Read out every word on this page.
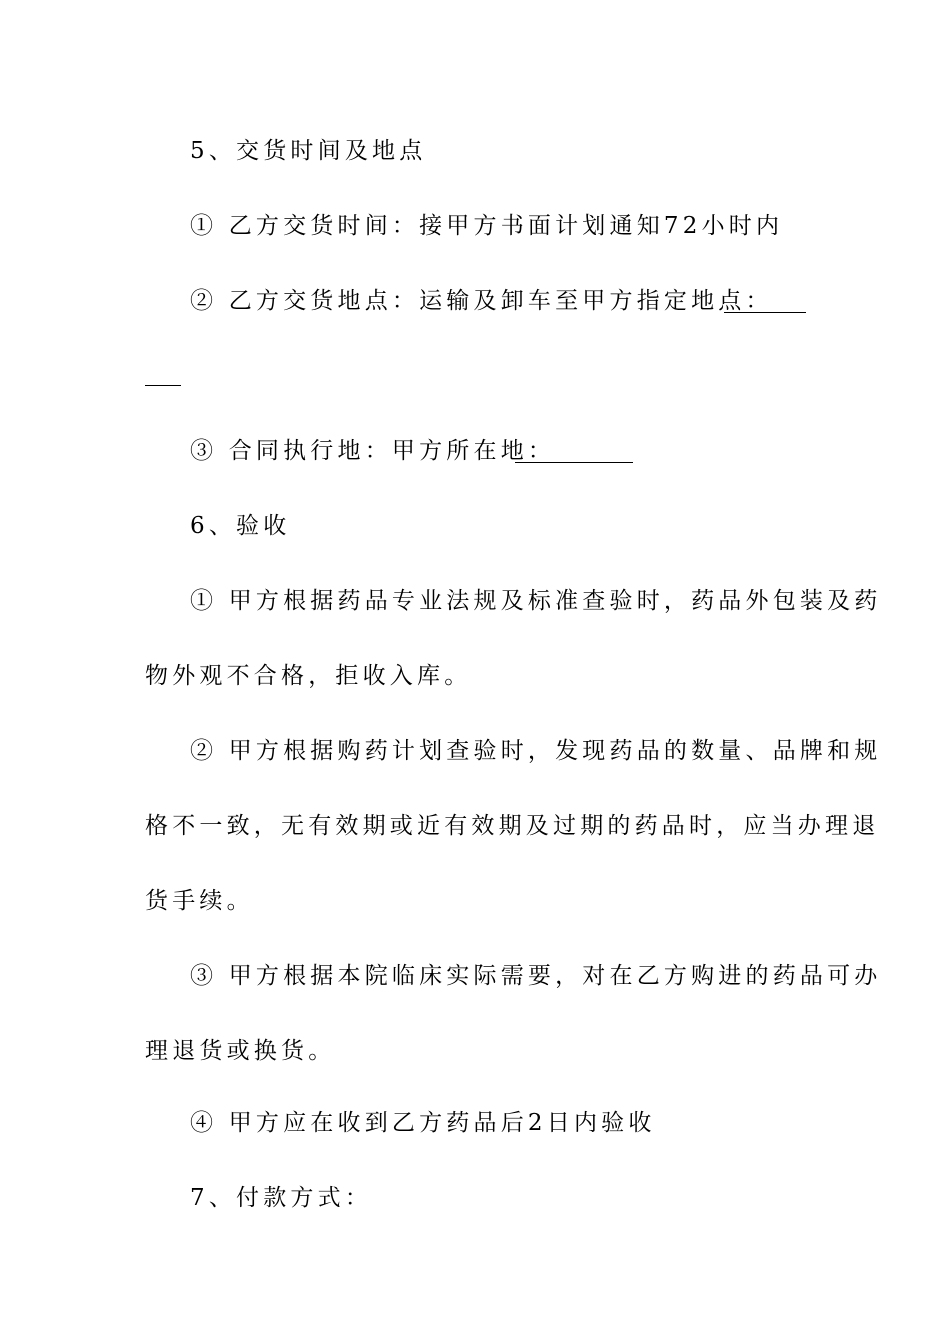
5、交货时间及地点
① 乙方交货时间：接甲方书面计划通知72小时内
② 乙方交货地点：运输及卸车至甲方指定地点：
③ 合同执行地：甲方所在地：
6、验收
① 甲方根据药品专业法规及标准查验时，药品外包装及药
物外观不合格，拒收入库。
② 甲方根据购药计划查验时，发现药品的数量、品牌和规
格不一致，无有效期或近有效期及过期的药品时，应当办理退
货手续。
③ 甲方根据本院临床实际需要，对在乙方购进的药品可办
理退货或换货。
④ 甲方应在收到乙方药品后2日内验收
7、付款方式：
